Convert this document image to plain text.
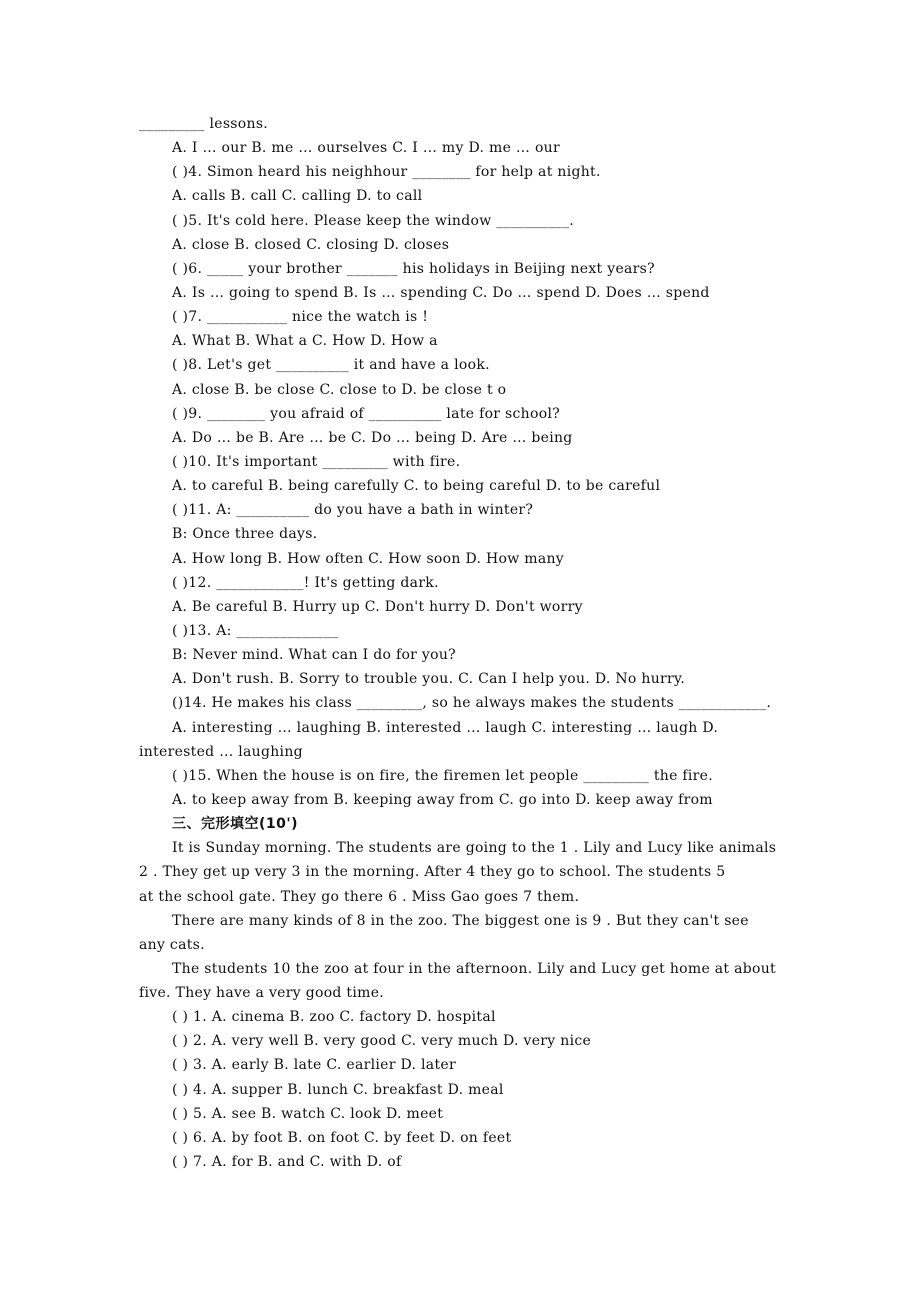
_________ lessons.
A. I … our B. me … ourselves C. I … my D. me … our
( )4. Simon heard his neighhour ________ for help at night.
A. calls B. call C. calling D. to call
( )5. It's cold here. Please keep the window __________.
A. close B. closed C. closing D. closes
( )6. _____ your brother _______ his holidays in Beijing next years?
A. Is … going to spend B. Is … spending C. Do … spend D. Does … spend
( )7. ___________ nice the watch is !
A. What B. What a C. How D. How a
( )8. Let's get __________ it and have a look.
A. close B. be close C. close to D. be close t o
( )9. ________ you afraid of __________ late for school?
A. Do … be B. Are … be C. Do … being D. Are … being
( )10. It's important _________ with fire.
A. to careful B. being carefully C. to being careful D. to be careful
( )11. A: __________ do you have a bath in winter?
B: Once three days.
A. How long B. How often C. How soon D. How many
( )12. ____________! It's getting dark.
A. Be careful B. Hurry up C. Don't hurry D. Don't worry
( )13. A: ______________
B: Never mind. What can I do for you?
A. Don't rush. B. Sorry to trouble you. C. Can I help you. D. No hurry.
()14. He makes his class _________, so he always makes the students ____________.
A. interesting … laughing B. interested … laugh C. interesting … laugh D.
interested … laughing
( )15. When the house is on fire, the firemen let people _________ the fire.
A. to keep away from B. keeping away from C. go into D. keep away from
三、完形填空(10')
It is Sunday morning. The students are going to the 1 . Lily and Lucy like animals
2 . They get up very 3 in the morning. After 4 they go to school. The students 5
at the school gate. They go there 6 . Miss Gao goes 7 them.
There are many kinds of 8 in the zoo. The biggest one is 9 . But they can't see
any cats.
The students 10 the zoo at four in the afternoon. Lily and Lucy get home at about
five. They have a very good time.
( ) 1. A. cinema B. zoo C. factory D. hospital
( ) 2. A. very well B. very good C. very much D. very nice
( ) 3. A. early B. late C. earlier D. later
( ) 4. A. supper B. lunch C. breakfast D. meal
( ) 5. A. see B. watch C. look D. meet
( ) 6. A. by foot B. on foot C. by feet D. on feet
( ) 7. A. for B. and C. with D. of
